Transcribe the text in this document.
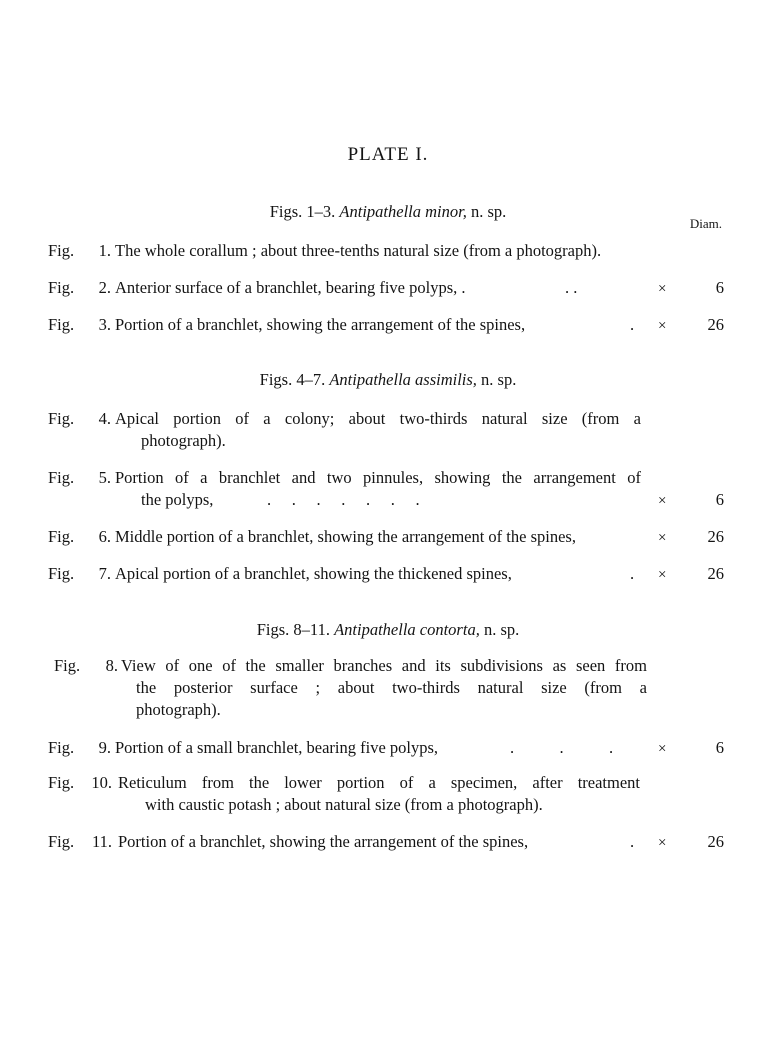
PLATE I.
Figs. 1–3. Antipathella minor, n. sp.
Diam.
Fig.	1. The whole corallum ; about three-tenths natural size (from a photograph).

Fig.	2. Anterior surface of a branchlet, bearing five polyps, .	. .	×	6
Fig.	3. Portion of a branchlet, showing the arrangement of the spines,	. ×	26
Figs. 4–7. Antipathella assimilis, n. sp.
Fig.	4. Apical portion of a colony; about two-thirds natural size (from a

photograph).

Fig.	5. Portion of a branchlet and two pinnules, showing the arrangement of

the polyps,	.     .     .     .     .     .     .	×	6
Fig.	6. Middle portion of a branchlet, showing the arrangement of the spines,	×	26
Fig.	7. Apical portion of a branchlet, showing the thickened spines,	. ×	26
Figs. 8–11. Antipathella contorta, n. sp.
Fig.	8. View of one of the smaller branches and its subdivisions as seen from

the posterior surface ; about two-thirds natural size (from a

photograph).

Fig.	9. Portion of a small branchlet, bearing five polyps,	.           .           .	×	6
Fig.	10. Reticulum from the lower portion of a specimen, after treatment

with caustic potash ; about natural size (from a photograph).

Fig.	11. Portion of a branchlet, showing the arrangement of the spines,	. ×	26
